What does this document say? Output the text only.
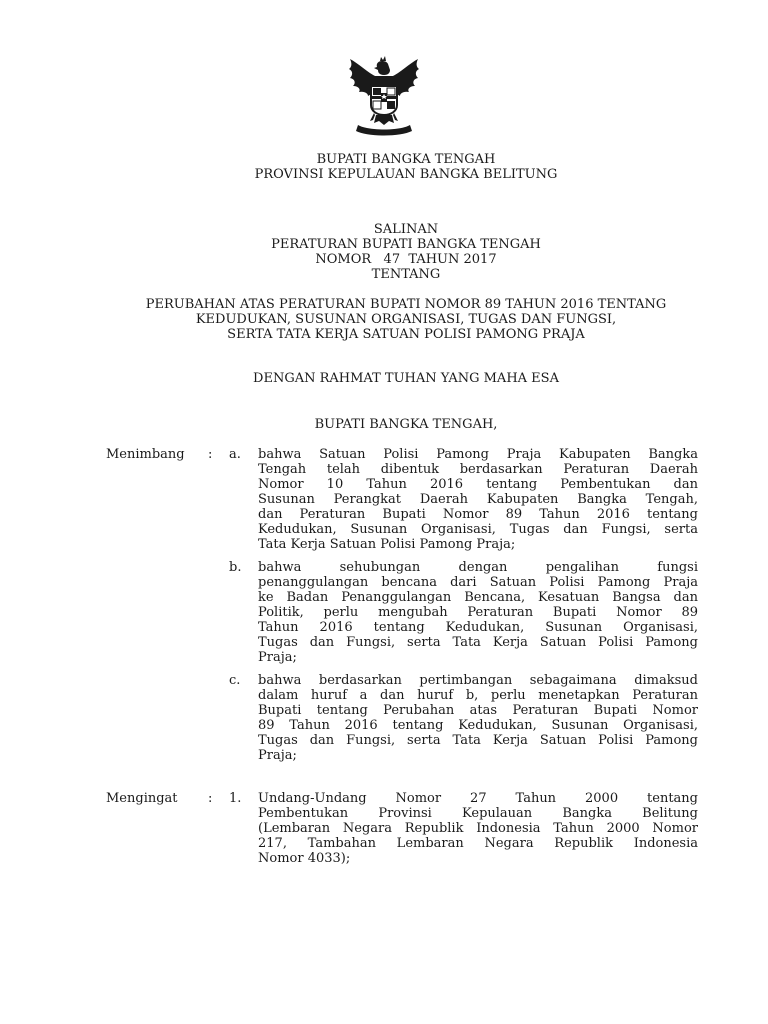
BUPATI BANGKA TENGAH
PROVINSI KEPULAUAN BANGKA BELITUNG
SALINAN
PERATURAN BUPATI BANGKA TENGAH
NOMOR   47  TAHUN 2017
TENTANG
PERUBAHAN ATAS PERATURAN BUPATI NOMOR 89 TAHUN 2016 TENTANG
KEDUDUKAN, SUSUNAN ORGANISASI, TUGAS DAN FUNGSI,
SERTA TATA KERJA SATUAN POLISI PAMONG PRAJA
DENGAN RAHMAT TUHAN YANG MAHA ESA
BUPATI BANGKA TENGAH,
Menimbang	:	a.	bahwa Satuan Polisi Pamong Praja Kabupaten Bangka
Tengah telah dibentuk berdasarkan Peraturan Daerah
Nomor 10 Tahun 2016 tentang Pembentukan dan
Susunan Perangkat Daerah Kabupaten Bangka Tengah,
dan Peraturan Bupati Nomor 89 Tahun 2016 tentang
Kedudukan, Susunan Organisasi, Tugas dan Fungsi, serta
Tata Kerja Satuan Polisi Pamong Praja;
b.	bahwa sehubungan dengan pengalihan fungsi
penanggulangan bencana dari Satuan Polisi Pamong Praja
ke Badan Penanggulangan Bencana, Kesatuan Bangsa dan
Politik, perlu mengubah Peraturan Bupati Nomor 89
Tahun 2016 tentang Kedudukan, Susunan Organisasi,
Tugas dan Fungsi, serta Tata Kerja Satuan Polisi Pamong
Praja;
c.	bahwa berdasarkan pertimbangan sebagaimana dimaksud
dalam huruf a dan huruf b, perlu menetapkan Peraturan
Bupati tentang Perubahan atas Peraturan Bupati Nomor
89 Tahun 2016 tentang Kedudukan, Susunan Organisasi,
Tugas dan Fungsi, serta Tata Kerja Satuan Polisi Pamong
Praja;
Mengingat	:	1.	Undang-Undang Nomor 27 Tahun 2000 tentang
Pembentukan Provinsi Kepulauan Bangka Belitung
(Lembaran Negara Republik Indonesia Tahun 2000 Nomor
217, Tambahan Lembaran Negara Republik Indonesia
Nomor 4033);
